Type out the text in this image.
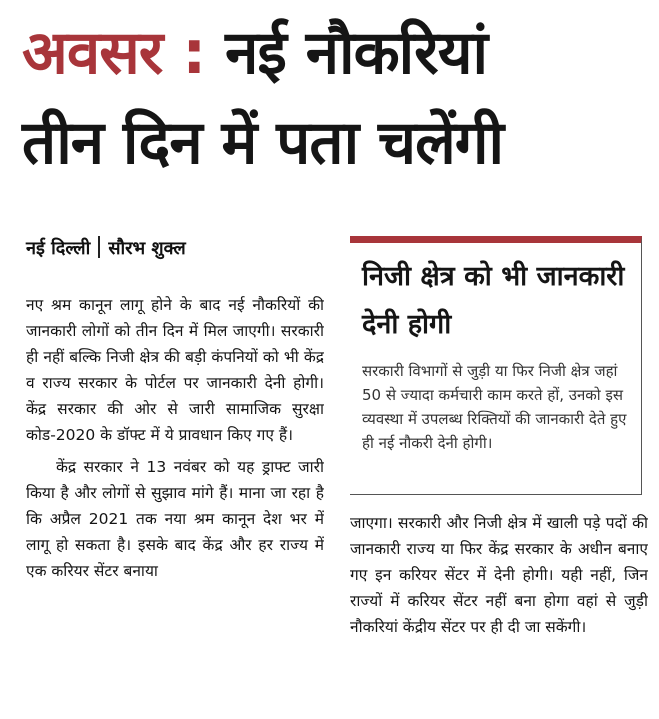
अवसर : नई नौकरियां
तीन दिन में पता चलेंगी
नई दिल्ली सौरभ शुक्ल

नए श्रम कानून लागू होने के बाद नई नौकरियों की जानकारी लोगों को तीन दिन में मिल जाएगी। सरकारी ही नहीं बल्कि निजी क्षेत्र की बड़ी कंपनियों को भी केंद्र व राज्य सरकार के पोर्टल पर जानकारी देनी होगी। केंद्र सरकार की ओर से जारी सामाजिक सुरक्षा कोड-2020 के डॉफ्ट में ये प्रावधान किए गए हैं।

केंद्र सरकार ने 13 नवंबर को यह ड्राफ्ट जारी किया है और लोगों से सुझाव मांगे हैं। माना जा रहा है कि अप्रैल 2021 तक नया श्रम कानून देश भर में लागू हो सकता है। इसके बाद केंद्र और हर राज्य में एक करियर सेंटर बनाया

निजी क्षेत्र को भी जानकारी देनी होगी
सरकारी विभागों से जुड़ी या फिर निजी क्षेत्र जहां 50 से ज्यादा कर्मचारी काम करते हों, उनको इस व्यवस्था में उपलब्ध रिक्तियों की जानकारी देते हुए ही नई नौकरी देनी होगी।

जाएगा। सरकारी और निजी क्षेत्र में खाली पड़े पदों की जानकारी राज्य या फिर केंद्र सरकार के अधीन बनाए गए इन करियर सेंटर में देनी होगी। यही नहीं, जिन राज्यों में करियर सेंटर नहीं बना होगा वहां से जुड़ी नौकरियां केंद्रीय सेंटर पर ही दी जा सकेंगी।
